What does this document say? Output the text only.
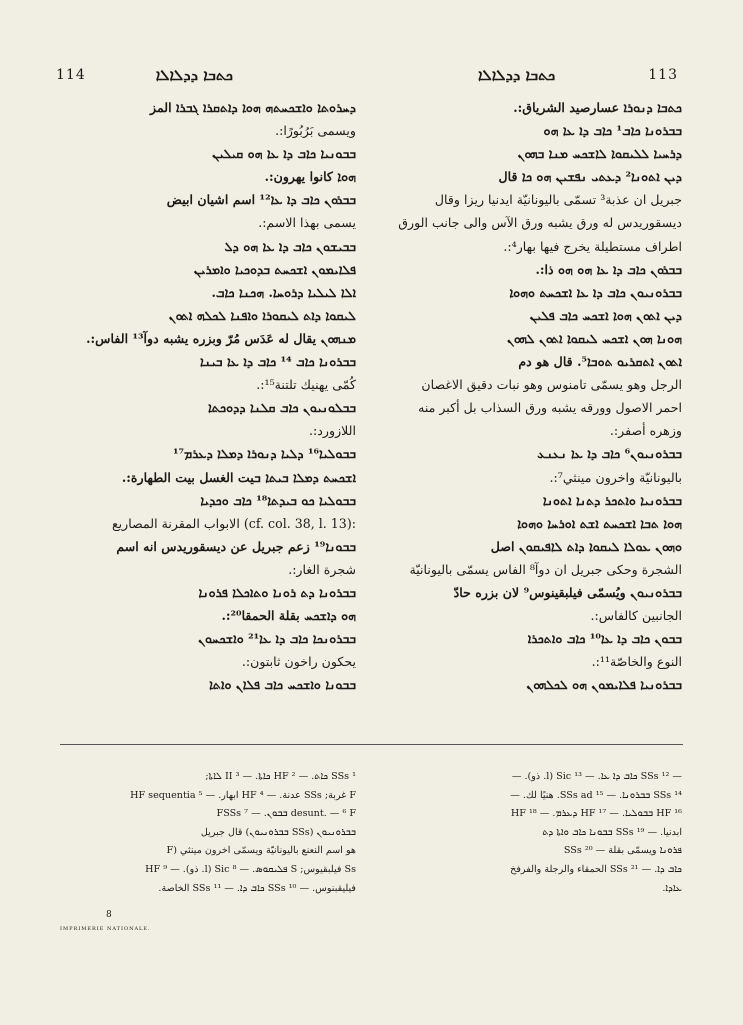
114	ܟܬܒܐ ܕܕܠܐܠܐ	ܟܬܒܐ ܕܕܠܐܠܐ	113

ܕܚܪܘܬܐ ܘܐܫܟܚܬܗ ܗܘܐ ܕܐܬܩܪܐ ܓܒܪܐ المز

ويسمى بَرُبُورًا:.

ܒܒܘܢܝܐ ܟܐܒ ܕܐ ܥܐ ܗܘ ܩܝܠܝܢ

ܗܘܐ كانوا يهرون:.

ܒܒܪܘܢ ܟܐܒ ܕܐ ܥܐ¹² اسم اشيان ابيض

يسمى بهذا الاسم:.

ܒܒܝܫܘܢ ܟܐܒ ܕܐ ܥܐ ܗܘ ܕܠ

ܦܠܐܝܡܘܢ ܐܫܟܚܬ ܒܕܘܟܝܐ ܘܐܡܪܝܢ

ܐܠܐ ܠܝܠܝܐ ܕܪܘܚܐ. ܗܟܢܐ ܟܐܒ.

ܠܝܩܘܐ ܕܐܬ ܠܝܩܘܪܐ ܘܐܦܢܐ ܠܟܠܗ ܐܬܘܢ

ܡܢܗܘܢ يقال له عَدَس مُرّ وبزره يشبه دوآ¹³ الفاس:.

ܒܒܪܘܢܐ ܟܐܒ ¹⁴ ܟܐܒ ܕܐ ܥܐ ܒܝܢܐ

كُمّى يهنيك تلتنة¹⁵:.

ܒܒܠܘܢܝܘܢ ܟܐܒ ܩܠܢܐ ܕܕܘܟܬܐ

اللازورد:.

ܒܒܘܠܝܐ¹⁶ ܕܠܝܐ ܕܢܘܪܐ ܕܡܠܐ ܕܥܪܡ¹⁷

ܐܫܟܚܬ ܕܡܠܐ ܒܝܬܐ ܒيت الغسل بيت الطهارة:.

ܒܒܘܠܝܐ ܟܘ ܒܝܕܬܐ¹⁸ ܟܐܒ ܘܟܕܝܐ

:(cf. col. 38, l. 13) الابواب المقرنة المصاريع

ܒܒܘܢܐ¹⁹ زعم جبريل عن ديسقوريدس انه اسم

شجرة الغار:.

ܒܒܪܘܢܐ ܕܬ ܪܘܢܐ ܘܬܐܟܠܐ ܦܪܘܢܐ

ܗܘ ܕܐܫܟܚ بقلة الحمقا²⁰:.

ܒܒܪܘܢܟܐ ܟܐܒ ܕܐ ܥܐ²¹ ܘܐܫܟܚܘܢ

يحكون راخون ثابتون:.

ܒܒܘܢܐ ܘܐܫܟܚ ܟܐܒ ܦܠܐܢ ܘܐܬܐ

ܟܬܒܐ ܕܢܘܪܐ عسارصيد الشرياق:.

ܒܒܪܘܢܐ ܟܐܒ¹ ܟܐܒ ܕܐ ܥܐ ܗܘ

ܕܪܚܝܐ ܠܠܝܩܘܐ ܠܐܫܟܚ ܡܢܐ ܒܗܘܢ

ܕܝܢ ܐܬܘܢܐ² ܕܥܬܝ ܢܦܫܝܢ ܗܘ ܟܐ قال

جبريل ان عذبة³ تسمّى باليونانيّة ايدنيا ريزا وقال

ديسقوريدس له ورق يشبه ورق الآس والى جانب الورق

اطراف مستطيلة يخرج فيها بهار⁴:.

ܒܒܪܘܢ ܟܐܒ ܕܐ ܥܐ ܗܘ ܗܘ ذا:.

ܒܒܪܘܢܝܘܢ ܟܐܒ ܕܐ ܥܐ ܐܫܟܚܬ ܘܗܘܐ

ܕܝܢ ܐܬܘܢ ܗܘܐ ܐܫܟܚ ܟܐܒ ܦܠܝܢ

ܗܘܢܐ ܗܘܢ ܐܫܟܚ ܠܝܩܘܐ ܐܬܘܢ ܠܗܘܢ

ܐܬܘܢ ܐܬܩܪܝܘ ܬܘܒܐ⁵. قال هو دم

الرجل وهو يسمّى تامنوس وهو نبات دقيق الاغصان

احمر الاصول وورقه يشبه ورق السذاب بل أكبر منه

وزهره أصفر:.

ܒܒܪܘܢܝܘܢ⁶ ܟܐܒ ܕܐ ܥܐ ܢܥܢܥ

باليونانيّة واخرون مينثي⁷:.

ܒܒܪܘܢܝܐ ܘܐܬܟܪ ܕܬܢܐ ܐܬܘܢܐ

ܗܘܐ ܬܒܐ ܐܫܟܚܬ ܐܫܬ ܐܘܪܚܐ ܘܗܘܐ

ܘܗܘܢ ܥܘܠܐ ܠܝܩܘܐ ܕܐܬ ܠܐܦܝܩܘܢ اصل

الشجرة وحكى جبريل ان دوآ⁸ الفاس يسمّى باليونانيّة

ܒܒܪܘܢܝܘܢ ويُسمّى فيلبقينوس⁹ لان بزره حادّ

الجانبين كالفاس:.

ܒܒܘܢ ܟܐܒ ܕܐ ܥܐ¹⁰ ܟܐܒ ܘܐܬܟܪܐ

النوع والخاصّة¹¹:.

ܒܒܪܘܢܝܐ ܦܠܐܝܡܘܢ ܗܘ ܠܟܠܗܘܢ

¹ SSs ܟܐܬ. — ² HF ܟܐܬܐ. — ³ II ܠܐܬܐ;

F غربة; SSs عدنة. — ⁴ HF ابهار. — ⁵ HF sequentia

desunt. — ⁶ F ܒܒܘܢ. — ⁷ FSSs

ܒܒܪܘܢܝܘܢ (SSs ܒܒܪܘܢܝܘܢ) قال جبريل

هو اسم النعنع باليونانيّة ويسمّى اخرون مينثي (F

Ss فيلبقيوس; S ܦܠܝܩܘܣ. — ⁸ Sic (l. ذو). — ⁹ HF

فيليقبنوس. — ¹⁰ SSs ܟܐܒ ܕܐ. — ¹¹ SSs الخاصة.

— ¹² SSs ܟܐܒ ܕܐ ܥܐ. — ¹³ Sic (l. ذو). —

¹⁴ SSs ܒܒܪܘܢܐ. — ¹⁵ SSs ad. هنيًا لك. —

¹⁶ HF ܒܒܘܠܝܐ. — ¹⁷ HF ܕܥܪܡ. — ¹⁸ HF

ابدنيا. — ¹⁹ SSs ܒܒܘܢܐ ܟܐܒ ܘܐܬܐ ܕܬ

ܦܪܘܢܐ ويسمّى بقلة — ²⁰ SSs

ܟܐܒ ܕܐ. — ²¹ SSs الحمقاء والرجلة والفرفخ

ܥܐܕܐ.

8
IMPRIMERIE NATIONALE.
